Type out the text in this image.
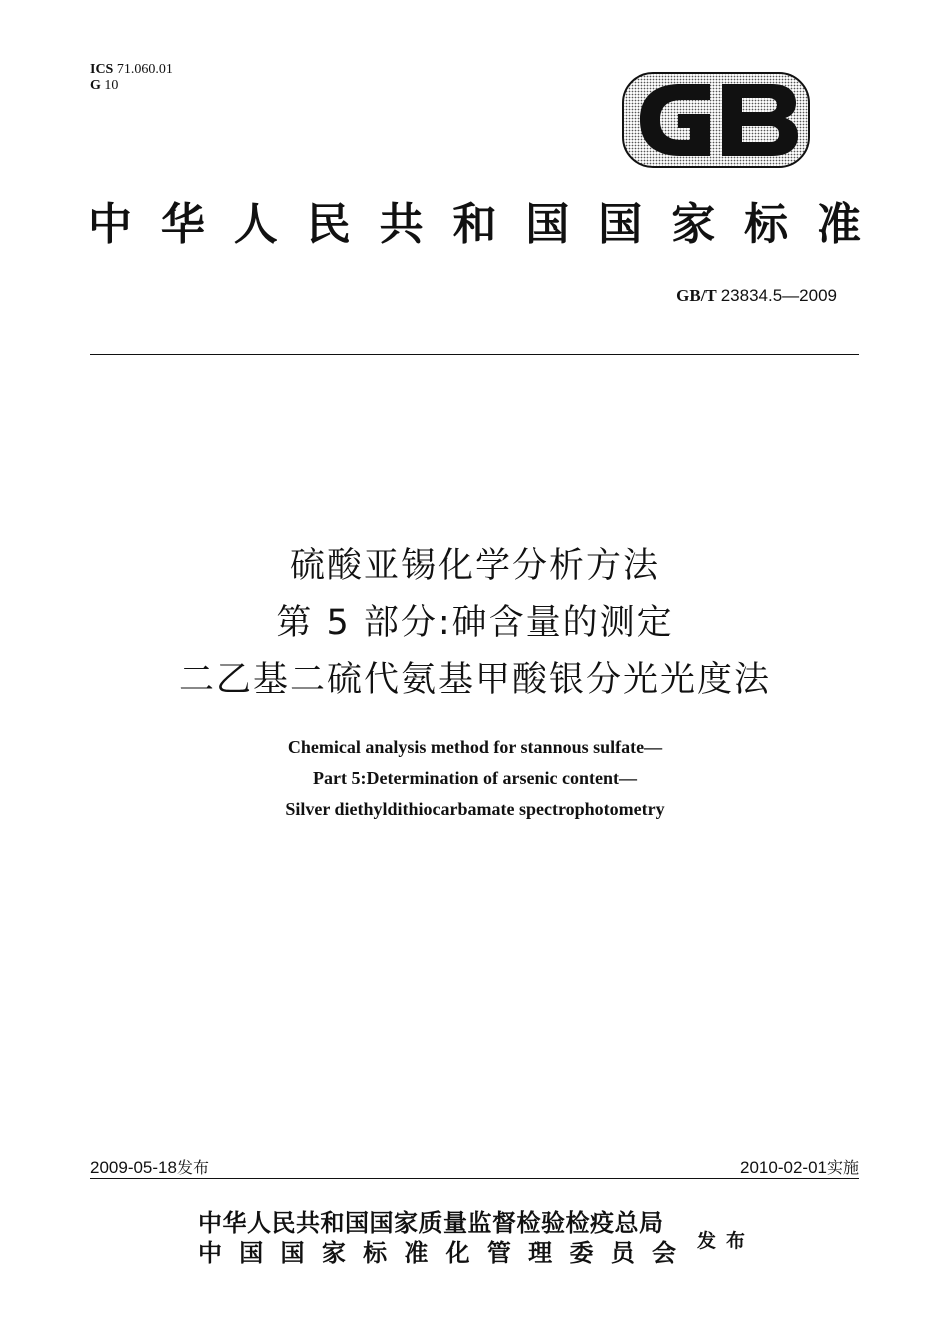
ICS 71.060.01
G 10
中华人民共和国国家标准
GB/T 23834.5—2009
硫酸亚锡化学分析方法
第 5 部分:砷含量的测定
二乙基二硫代氨基甲酸银分光光度法
Chemical analysis method for stannous sulfate—
Part 5:Determination of arsenic content—
Silver diethyldithiocarbamate spectrophotometry
2009-05-18发布	2010-02-01实施
中华人民共和国国家质量监督检验检疫总局
中国国家标准化管理委员会 发布
